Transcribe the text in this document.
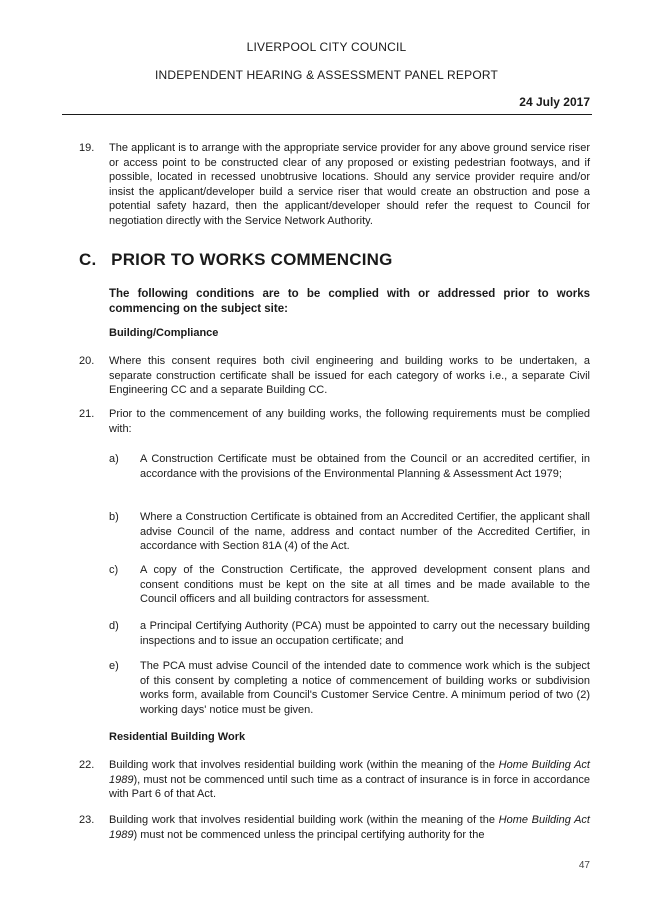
LIVERPOOL CITY COUNCIL
INDEPENDENT HEARING & ASSESSMENT PANEL REPORT
24 July 2017
19. The applicant is to arrange with the appropriate service provider for any above ground service riser or access point to be constructed clear of any proposed or existing pedestrian footways, and if possible, located in recessed unobtrusive locations. Should any service provider require and/or insist the applicant/developer build a service riser that would create an obstruction and pose a potential safety hazard, then the applicant/developer should refer the request to Council for negotiation directly with the Service Network Authority.
C.   PRIOR TO WORKS COMMENCING
The following conditions are to be complied with or addressed prior to works commencing on the subject site:
Building/Compliance
20. Where this consent requires both civil engineering and building works to be undertaken, a separate construction certificate shall be issued for each category of works i.e., a separate Civil Engineering CC and a separate Building CC.
21. Prior to the commencement of any building works, the following requirements must be complied with:
a) A Construction Certificate must be obtained from the Council or an accredited certifier, in accordance with the provisions of the Environmental Planning & Assessment Act 1979;
b) Where a Construction Certificate is obtained from an Accredited Certifier, the applicant shall advise Council of the name, address and contact number of the Accredited Certifier, in accordance with Section 81A (4) of the Act.
c) A copy of the Construction Certificate, the approved development consent plans and consent conditions must be kept on the site at all times and be made available to the Council officers and all building contractors for assessment.
d) a Principal Certifying Authority (PCA) must be appointed to carry out the necessary building inspections and to issue an occupation certificate; and
e) The PCA must advise Council of the intended date to commence work which is the subject of this consent by completing a notice of commencement of building works or subdivision works form, available from Council's Customer Service Centre. A minimum period of two (2) working days' notice must be given.
Residential Building Work
22. Building work that involves residential building work (within the meaning of the Home Building Act 1989), must not be commenced until such time as a contract of insurance is in force in accordance with Part 6 of that Act.
23. Building work that involves residential building work (within the meaning of the Home Building Act 1989) must not be commenced unless the principal certifying authority for the
47
